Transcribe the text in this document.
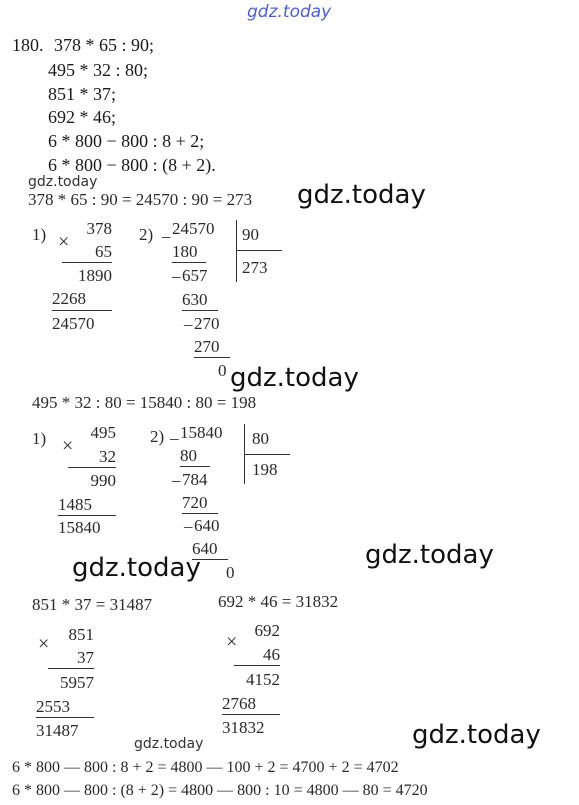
gdz.today
180. 378 * 65 : 90;
495 * 32 : 80;
851 * 37;
692 * 46;
6 * 800 − 800 : 8 + 2;
6 * 800 − 800 : (8 + 2).
gdz.today
378 * 65 : 90 = 24570 : 90 = 273 gdz.today
1) ×
378
65
1890
2268
24570
2) _ 24570 90
273
180
_ 657
630
_ 270
270
0 gdz.today
495 * 32 : 80 = 15840 : 80 = 198
1) ×
495
32
990
1485
15840
2) _ 15840 80
198
80
_ 784
720
_ 640
640
0
gdz.today	gdz.today
851 * 37 = 31487	692 * 46 = 31832
×	851
37
5957
2553
31487
×
692
46
4152
2768
31832	gdz.today
gdz.today
6 * 800 — 800 : 8 + 2 = 4800 — 100 + 2 = 4700 + 2 = 4702
6 * 800 — 800 : (8 + 2) = 4800 — 800 : 10 = 4800 — 80 = 4720
